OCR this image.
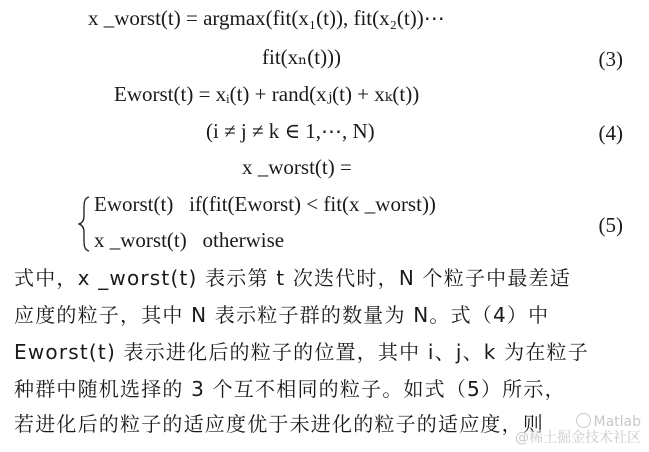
x _worst(t) = argmax(fit(x₁(t)), fit(x₂(t))⋯
fit(xₙ(t)))	(3)
Eworst(t) = xᵢ(t) + rand(xⱼ(t) + xₖ(t))
(i ≠ j ≠ k ∈ 1,⋯, N)	(4)
x _worst(t) =
Eworst(t)   if(fit(Eworst) < fit(x _worst))
x _worst(t)   otherwise
(5)
式中，x _worst(t) 表示第 t 次迭代时，N 个粒子中最差适
应度的粒子，其中 N 表示粒子群的数量为 N。式（4）中
Eworst(t) 表示进化后的粒子的位置，其中 i、j、k 为在粒子
种群中随机选择的 3 个互不相同的粒子。如式（5）所示，
若进化后的粒子的适应度优于未进化的粒子的适应度，则	Matlab
@稀土掘金技术社区
